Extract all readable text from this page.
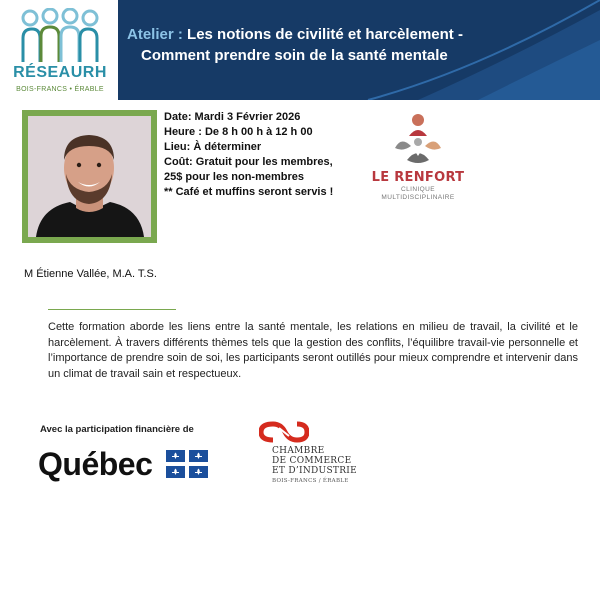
RÉSEAURH
BOIS-FRANCS • ÉRABLE
Atelier : Les notions de civilité et harcèlement -
Comment prendre soin de la santé mentale
Date: Mardi 3 Février 2026
Heure : De 8 h 00 h à 12 h 00
Lieu: À déterminer
Coût: Gratuit pour les membres,
25$ pour les non-membres
** Café et muffins seront servis !
LE RENFORT
CLINIQUE
MULTIDISCIPLINAIRE
M Étienne Vallée, M.A. T.S.
Cette formation aborde les liens entre la santé mentale, les relations en milieu de travail, la civilité et le harcèlement. À travers différents thèmes tels que la gestion des conflits, l’équilibre travail-vie personnelle et l’importance de prendre soin de soi, les participants seront outillés pour mieux comprendre et intervenir dans un climat de travail sain et respectueux.
Avec la participation financière de
Québec	CHAMBRE
DE COMMERCE
ET D’INDUSTRIE
BOIS-FRANCS / ÉRABLE
